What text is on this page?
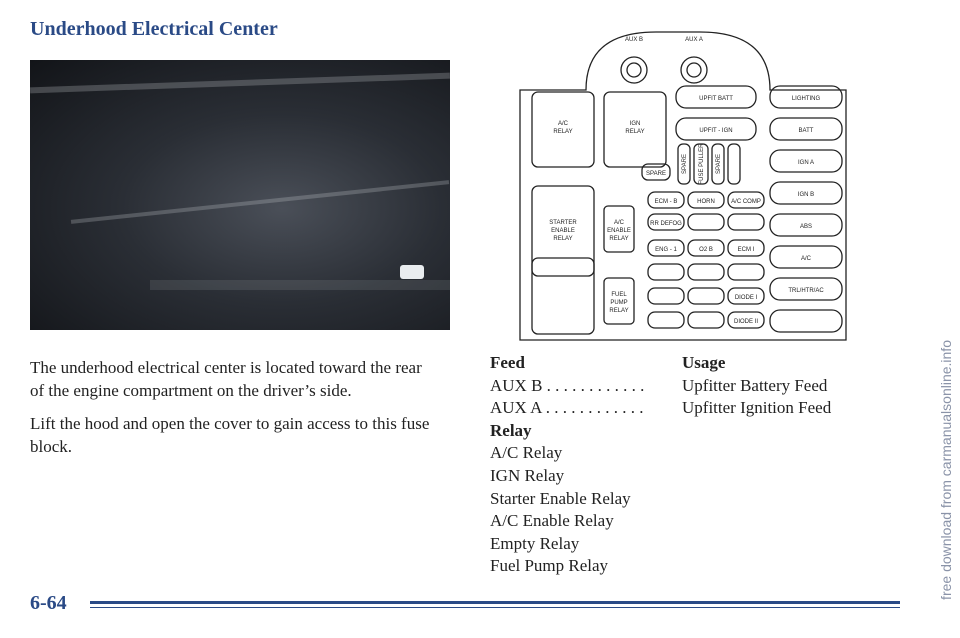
Underhood Electrical Center

The underhood electrical center is located toward the rear of the engine compartment on the driver’s side.

Lift the hood and open the cover to gain access to this fuse block.

AUX B	AUX A
A/C
RELAY
IGN
RELAY
STARTER
ENABLE
RELAY
A/C
ENABLE
RELAY
FUEL
PUMP
RELAY
UPFIT BATT
UPFIT - IGN
LIGHTING
BATT
IGN A
IGN B
ABS
A/C
TRL/HTR/AC
SPARE
ECM - B	HORN	A/C COMP
RR DEFOG
ENG - 1	O2 B	ECM I
DIODE I
DIODE II
SPARE FUSE PULLER SPARE
Feed	Usage
AUX B . . . . . . . . . . . .	Upfitter Battery Feed
AUX A . . . . . . . . . . . .	Upfitter Ignition Feed
Relay
A/C Relay
IGN Relay
Starter Enable Relay
A/C Enable Relay
Empty Relay
Fuel Pump Relay
6-64
free download from carmanualsonline.info
